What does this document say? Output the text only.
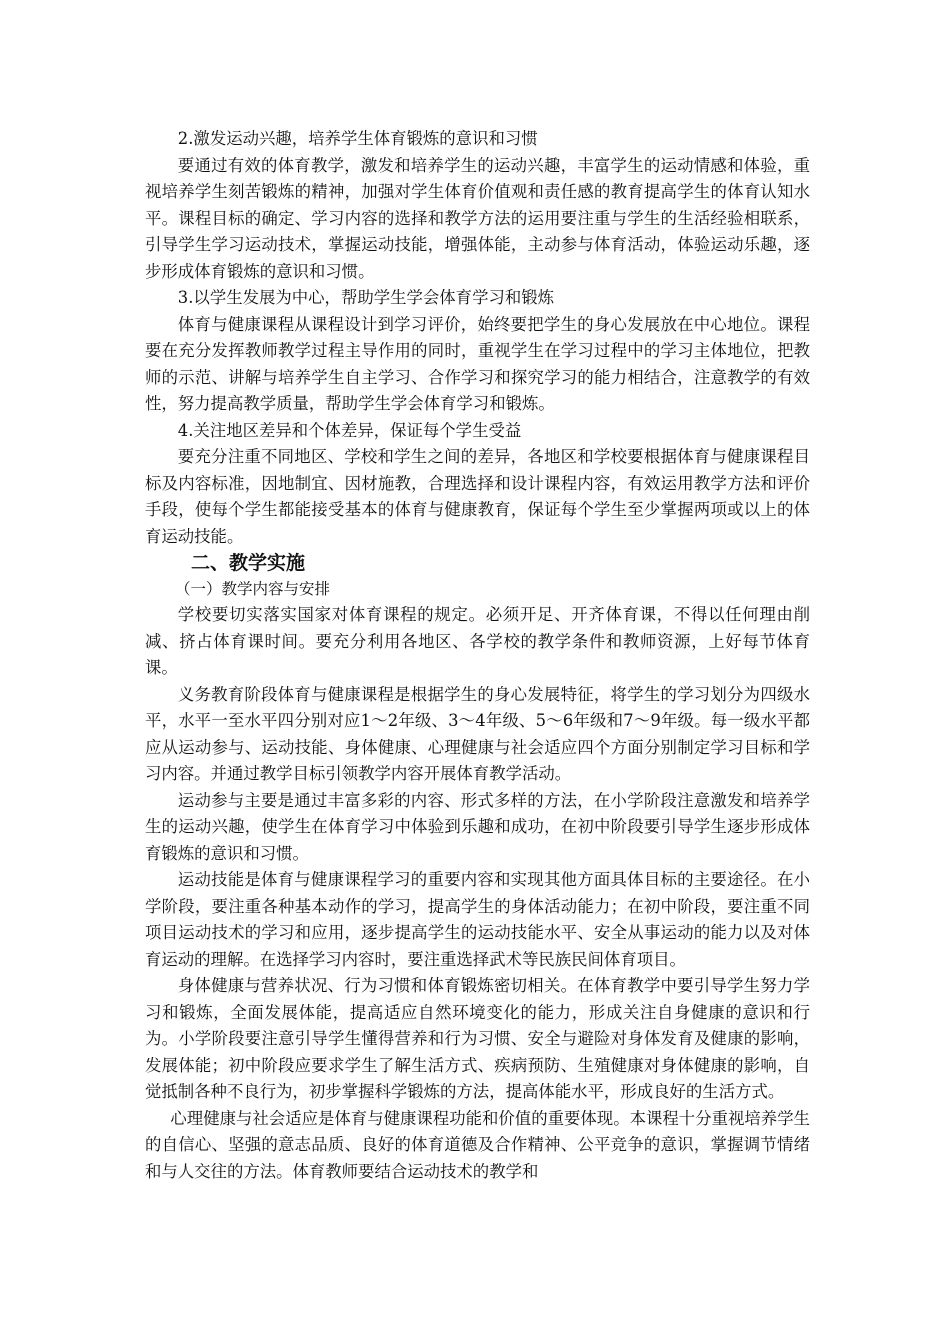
2.激发运动兴趣，培养学生体育锻炼的意识和习惯

要通过有效的体育教学，激发和培养学生的运动兴趣，丰富学生的运动情感和体验，重视培养学生刻苦锻炼的精神，加强对学生体育价值观和责任感的教育提高学生的体育认知水平。课程目标的确定、学习内容的选择和教学方法的运用要注重与学生的生活经验相联系，引导学生学习运动技术，掌握运动技能，增强体能，主动参与体育活动，体验运动乐趣，逐步形成体育锻炼的意识和习惯。

3.以学生发展为中心，帮助学生学会体育学习和锻炼

体育与健康课程从课程设计到学习评价，始终要把学生的身心发展放在中心地位。课程要在充分发挥教师教学过程主导作用的同时，重视学生在学习过程中的学习主体地位，把教师的示范、讲解与培养学生自主学习、合作学习和探究学习的能力相结合，注意教学的有效性，努力提高教学质量，帮助学生学会体育学习和锻炼。

4.关注地区差异和个体差异，保证每个学生受益

要充分注重不同地区、学校和学生之间的差异，各地区和学校要根据体育与健康课程目标及内容标准，因地制宜、因材施教，合理选择和设计课程内容，有效运用教学方法和评价手段，使每个学生都能接受基本的体育与健康教育，保证每个学生至少掌握两项或以上的体育运动技能。

二、教学实施

（一）教学内容与安排

学校要切实落实国家对体育课程的规定。必须开足、开齐体育课，不得以任何理由削减、挤占体育课时间。要充分利用各地区、各学校的教学条件和教师资源，上好每节体育课。

义务教育阶段体育与健康课程是根据学生的身心发展特征，将学生的学习划分为四级水平，水平一至水平四分别对应1～2年级、3～4年级、5～6年级和7～9年级。每一级水平都应从运动参与、运动技能、身体健康、心理健康与社会适应四个方面分别制定学习目标和学习内容。并通过教学目标引领教学内容开展体育教学活动。

运动参与主要是通过丰富多彩的内容、形式多样的方法，在小学阶段注意激发和培养学生的运动兴趣，使学生在体育学习中体验到乐趣和成功，在初中阶段要引导学生逐步形成体育锻炼的意识和习惯。

运动技能是体育与健康课程学习的重要内容和实现其他方面具体目标的主要途径。在小学阶段，要注重各种基本动作的学习，提高学生的身体活动能力；在初中阶段，要注重不同项目运动技术的学习和应用，逐步提高学生的运动技能水平、安全从事运动的能力以及对体育运动的理解。在选择学习内容时，要注重选择武术等民族民间体育项目。

身体健康与营养状况、行为习惯和体育锻炼密切相关。在体育教学中要引导学生努力学习和锻炼，全面发展体能，提高适应自然环境变化的能力，形成关注自身健康的意识和行为。小学阶段要注意引导学生懂得营养和行为习惯、安全与避险对身体发育及健康的影响，发展体能；初中阶段应要求学生了解生活方式、疾病预防、生殖健康对身体健康的影响，自觉抵制各种不良行为，初步掌握科学锻炼的方法，提高体能水平，形成良好的生活方式。

心理健康与社会适应是体育与健康课程功能和价值的重要体现。本课程十分重视培养学生的自信心、坚强的意志品质、良好的体育道德及合作精神、公平竞争的意识，掌握调节情绪和与人交往的方法。体育教师要结合运动技术的教学和
